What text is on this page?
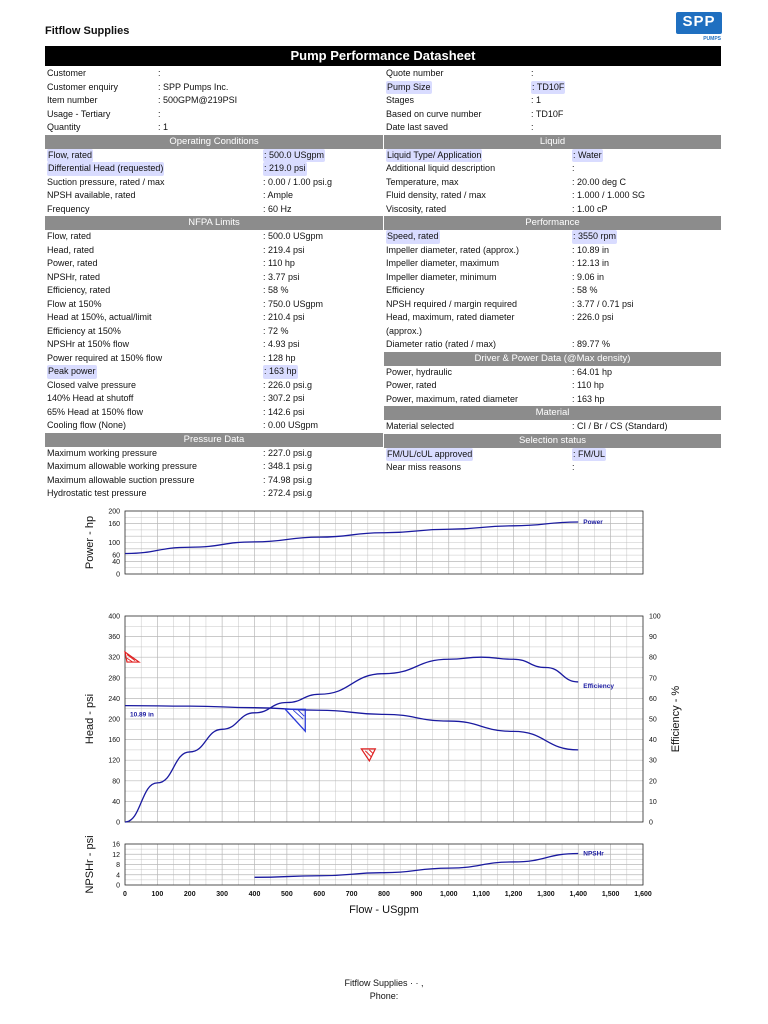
Fitflow Supplies
SPP
PUMPS
Pump Performance Datasheet
Customer	:
Customer enquiry	: SPP Pumps Inc.
Item number	: 500GPM@219PSI
Usage - Tertiary	:
Quantity	: 1
Operating Conditions
Flow, rated	: 500.0 USgpm
Differential Head (requested)	: 219.0 psi
Suction pressure, rated / max	: 0.00 / 1.00 psi.g
NPSH available, rated	: Ample
Frequency	: 60 Hz
NFPA Limits
Flow, rated	: 500.0 USgpm
Head, rated	: 219.4 psi
Power, rated	: 110 hp
NPSHr, rated	: 3.77 psi
Efficiency, rated	: 58 %
Flow at 150%	: 750.0 USgpm
Head at 150%, actual/limit	: 210.4 psi
Efficiency at 150%	: 72 %
NPSHr at 150% flow	: 4.93 psi
Power required at 150% flow	: 128 hp
Peak power	: 163 hp
Closed valve pressure	: 226.0 psi.g
140% Head at shutoff	: 307.2 psi
65% Head at 150% flow	: 142.6 psi
Cooling flow (None)	: 0.00 USgpm
Pressure Data
Maximum working pressure	: 227.0 psi.g
Maximum allowable working pressure	: 348.1 psi.g
Maximum allowable suction pressure	: 74.98 psi.g
Hydrostatic test pressure	: 272.4 psi.g
Quote number	:
Pump Size	: TD10F
Stages	: 1
Based on curve number	: TD10F
Date last saved	:
Liquid
Liquid Type/ Application	: Water
Additional liquid description	:
Temperature, max	: 20.00 deg C
Fluid density, rated / max	: 1.000 / 1.000 SG
Viscosity, rated	: 1.00 cP
Performance
Speed, rated	: 3550 rpm
Impeller diameter, rated (approx.)	: 10.89 in
Impeller diameter, maximum	: 12.13 in
Impeller diameter, minimum	: 9.06 in
Efficiency	: 58 %
NPSH required / margin required	: 3.77 / 0.71 psi
Head, maximum, rated diameter	: 226.0 psi
(approx.)
Diameter ratio (rated / max)	: 89.77 %
Driver & Power Data (@Max density)
Power, hydraulic	: 64.01 hp
Power, rated	: 110 hp
Power, maximum, rated diameter	: 163 hp
Material
Material selected	: CI / Br / CS (Standard)
Selection status
FM/UL/cUL approved	: FM/UL
Near miss reasons	:
0
40
60
100
160
200
Power - hp	Power
0
40
80
120
160
200
240
280
320
360
400
0
10
20
30
40
50
60
70
80
90
100
Efficiency - %
Head - psi
Efficiency
10.89 in
0
4
8
12
16
NPSHr - psi
0	100	200	300	400	500	600	700	800	900	1,000 1,100 1,200 1,300 1,400 1,500 1,600
Flow - USgpm
NPSHr
Fitflow Supplies · · ,
Phone:
